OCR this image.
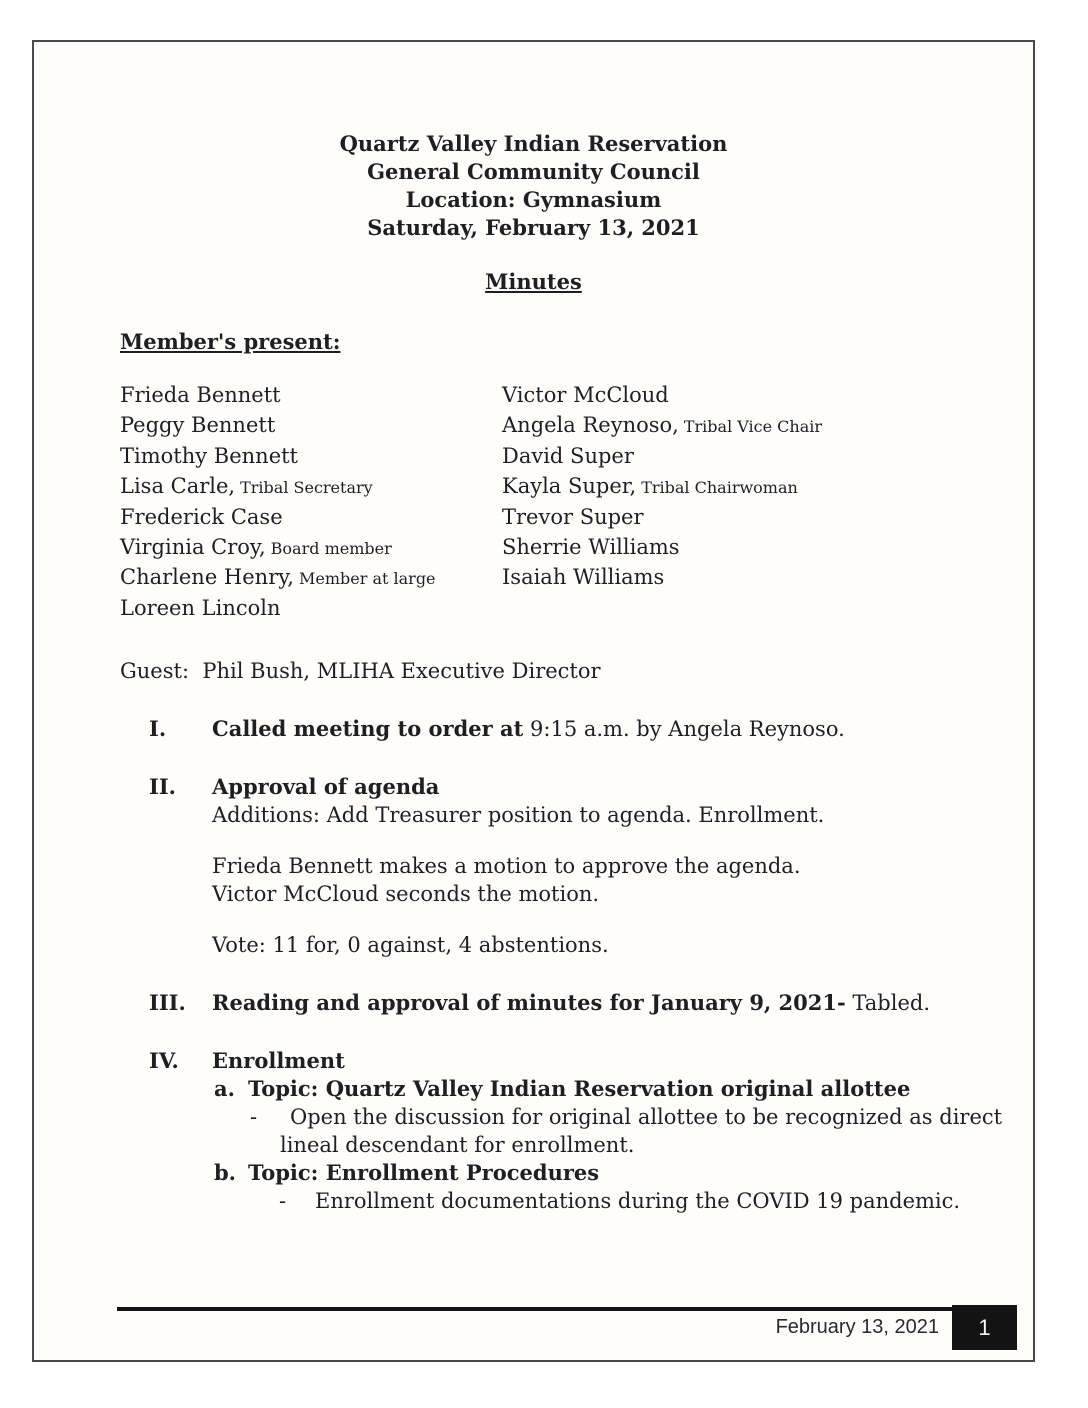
Quartz Valley Indian Reservation
General Community Council
Location: Gymnasium
Saturday, February 13, 2021
Minutes
Member's present:
Frieda Bennett
Peggy Bennett
Timothy Bennett
Lisa Carle, Tribal Secretary
Frederick Case
Virginia Croy, Board member
Charlene Henry, Member at large
Loreen Lincoln
Victor McCloud
Angela Reynoso, Tribal Vice Chair
David Super
Kayla Super, Tribal Chairwoman
Trevor Super
Sherrie Williams
Isaiah Williams
Guest:  Phil Bush, MLIHA Executive Director
I.	Called meeting to order at 9:15 a.m. by Angela Reynoso.
II.	Approval of agenda
Additions: Add Treasurer position to agenda. Enrollment.
Frieda Bennett makes a motion to approve the agenda.
Victor McCloud seconds the motion.
Vote: 11 for, 0 against, 4 abstentions.
III.	Reading and approval of minutes for January 9, 2021- Tabled.
IV.	Enrollment
a. Topic: Quartz Valley Indian Reservation original allottee
- Open the discussion for original allottee to be recognized as direct
lineal descendant for enrollment.
b. Topic: Enrollment Procedures
- Enrollment documentations during the COVID 19 pandemic.
February 13, 2021	1
